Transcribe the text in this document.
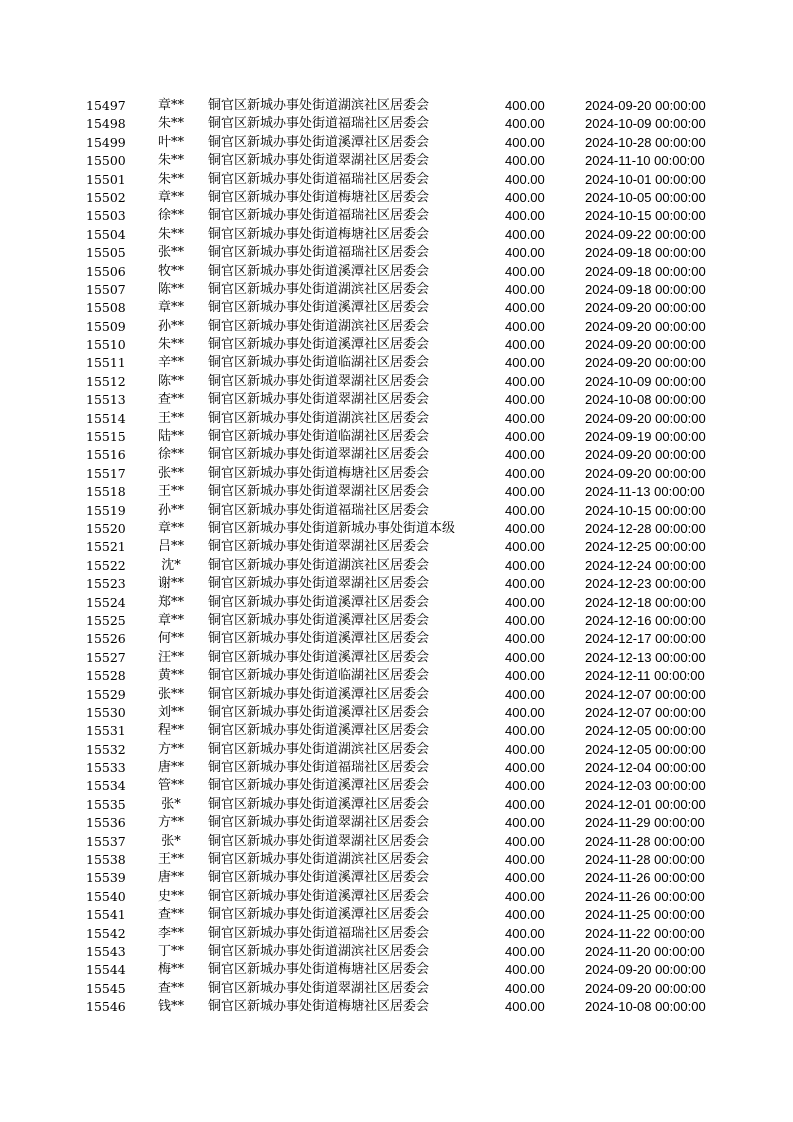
15497	章**	铜官区新城办事处街道湖滨社区居委会	400.00	2024-09-20 00:00:00
15498	朱**	铜官区新城办事处街道福瑞社区居委会	400.00	2024-10-09 00:00:00
15499	叶**	铜官区新城办事处街道溪潭社区居委会	400.00	2024-10-28 00:00:00
15500	朱**	铜官区新城办事处街道翠湖社区居委会	400.00	2024-11-10 00:00:00
15501	朱**	铜官区新城办事处街道福瑞社区居委会	400.00	2024-10-01 00:00:00
15502	章**	铜官区新城办事处街道梅塘社区居委会	400.00	2024-10-05 00:00:00
15503	徐**	铜官区新城办事处街道福瑞社区居委会	400.00	2024-10-15 00:00:00
15504	朱**	铜官区新城办事处街道梅塘社区居委会	400.00	2024-09-22 00:00:00
15505	张**	铜官区新城办事处街道福瑞社区居委会	400.00	2024-09-18 00:00:00
15506	牧**	铜官区新城办事处街道溪潭社区居委会	400.00	2024-09-18 00:00:00
15507	陈**	铜官区新城办事处街道湖滨社区居委会	400.00	2024-09-18 00:00:00
15508	章**	铜官区新城办事处街道溪潭社区居委会	400.00	2024-09-20 00:00:00
15509	孙**	铜官区新城办事处街道湖滨社区居委会	400.00	2024-09-20 00:00:00
15510	朱**	铜官区新城办事处街道溪潭社区居委会	400.00	2024-09-20 00:00:00
15511	辛**	铜官区新城办事处街道临湖社区居委会	400.00	2024-09-20 00:00:00
15512	陈**	铜官区新城办事处街道翠湖社区居委会	400.00	2024-10-09 00:00:00
15513	查**	铜官区新城办事处街道翠湖社区居委会	400.00	2024-10-08 00:00:00
15514	王**	铜官区新城办事处街道湖滨社区居委会	400.00	2024-09-20 00:00:00
15515	陆**	铜官区新城办事处街道临湖社区居委会	400.00	2024-09-19 00:00:00
15516	徐**	铜官区新城办事处街道翠湖社区居委会	400.00	2024-09-20 00:00:00
15517	张**	铜官区新城办事处街道梅塘社区居委会	400.00	2024-09-20 00:00:00
15518	王**	铜官区新城办事处街道翠湖社区居委会	400.00	2024-11-13 00:00:00
15519	孙**	铜官区新城办事处街道福瑞社区居委会	400.00	2024-10-15 00:00:00
15520	章**	铜官区新城办事处街道新城办事处街道本级	400.00	2024-12-28 00:00:00
15521	吕**	铜官区新城办事处街道翠湖社区居委会	400.00	2024-12-25 00:00:00
15522	沈*	铜官区新城办事处街道湖滨社区居委会	400.00	2024-12-24 00:00:00
15523	谢**	铜官区新城办事处街道翠湖社区居委会	400.00	2024-12-23 00:00:00
15524	郑**	铜官区新城办事处街道溪潭社区居委会	400.00	2024-12-18 00:00:00
15525	章**	铜官区新城办事处街道溪潭社区居委会	400.00	2024-12-16 00:00:00
15526	何**	铜官区新城办事处街道溪潭社区居委会	400.00	2024-12-17 00:00:00
15527	汪**	铜官区新城办事处街道溪潭社区居委会	400.00	2024-12-13 00:00:00
15528	黄**	铜官区新城办事处街道临湖社区居委会	400.00	2024-12-11 00:00:00
15529	张**	铜官区新城办事处街道溪潭社区居委会	400.00	2024-12-07 00:00:00
15530	刘**	铜官区新城办事处街道溪潭社区居委会	400.00	2024-12-07 00:00:00
15531	程**	铜官区新城办事处街道溪潭社区居委会	400.00	2024-12-05 00:00:00
15532	方**	铜官区新城办事处街道湖滨社区居委会	400.00	2024-12-05 00:00:00
15533	唐**	铜官区新城办事处街道福瑞社区居委会	400.00	2024-12-04 00:00:00
15534	管**	铜官区新城办事处街道溪潭社区居委会	400.00	2024-12-03 00:00:00
15535	张*	铜官区新城办事处街道溪潭社区居委会	400.00	2024-12-01 00:00:00
15536	方**	铜官区新城办事处街道翠湖社区居委会	400.00	2024-11-29 00:00:00
15537	张*	铜官区新城办事处街道翠湖社区居委会	400.00	2024-11-28 00:00:00
15538	王**	铜官区新城办事处街道湖滨社区居委会	400.00	2024-11-28 00:00:00
15539	唐**	铜官区新城办事处街道溪潭社区居委会	400.00	2024-11-26 00:00:00
15540	史**	铜官区新城办事处街道溪潭社区居委会	400.00	2024-11-26 00:00:00
15541	查**	铜官区新城办事处街道溪潭社区居委会	400.00	2024-11-25 00:00:00
15542	李**	铜官区新城办事处街道福瑞社区居委会	400.00	2024-11-22 00:00:00
15543	丁**	铜官区新城办事处街道湖滨社区居委会	400.00	2024-11-20 00:00:00
15544	梅**	铜官区新城办事处街道梅塘社区居委会	400.00	2024-09-20 00:00:00
15545	查**	铜官区新城办事处街道翠湖社区居委会	400.00	2024-09-20 00:00:00
15546	钱**	铜官区新城办事处街道梅塘社区居委会	400.00	2024-10-08 00:00:00
